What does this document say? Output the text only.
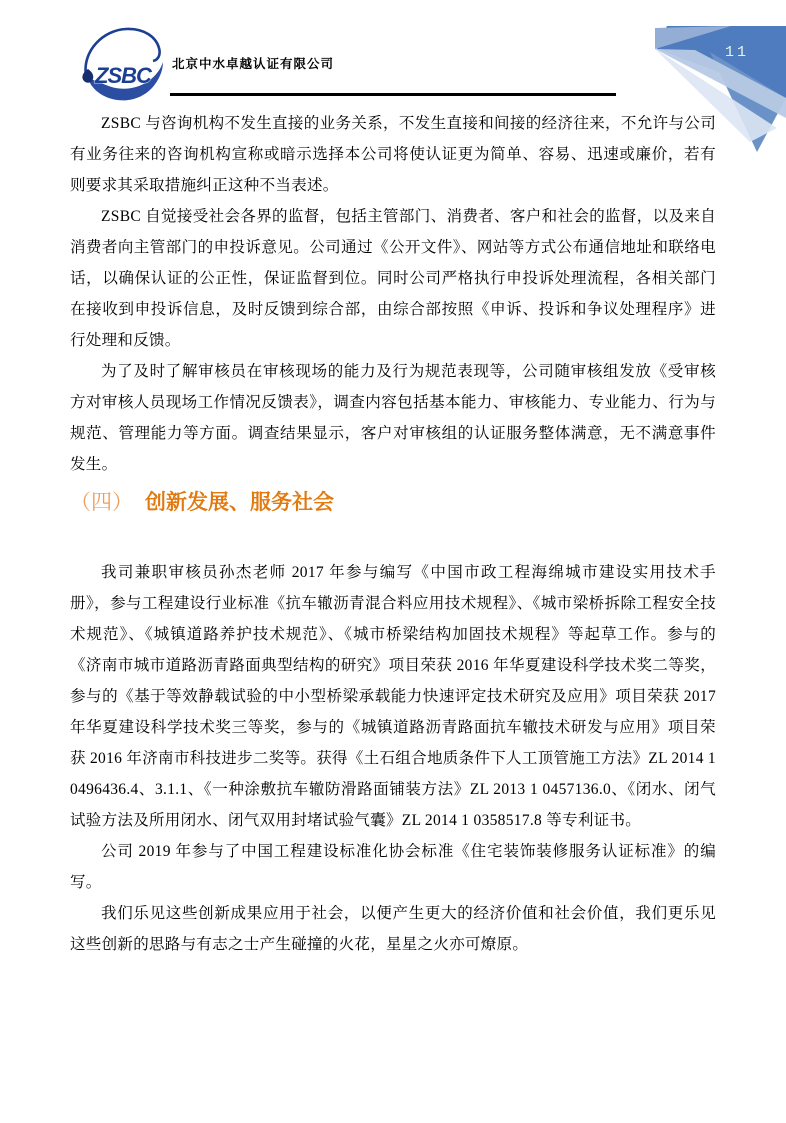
11
ZSBC 北京中水卓越认证有限公司

ZSBC 与咨询机构不发生直接的业务关系，不发生直接和间接的经济往来，不允许与公司有业务往来的咨询机构宣称或暗示选择本公司将使认证更为简单、容易、迅速或廉价，若有则要求其采取措施纠正这种不当表述。

ZSBC 自觉接受社会各界的监督，包括主管部门、消费者、客户和社会的监督，以及来自消费者向主管部门的申投诉意见。公司通过《公开文件》、网站等方式公布通信地址和联络电话，以确保认证的公正性，保证监督到位。同时公司严格执行申投诉处理流程，各相关部门在接收到申投诉信息，及时反馈到综合部，由综合部按照《申诉、投诉和争议处理程序》进行处理和反馈。

为了及时了解审核员在审核现场的能力及行为规范表现等，公司随审核组发放《受审核方对审核人员现场工作情况反馈表》，调查内容包括基本能力、审核能力、专业能力、行为与规范、管理能力等方面。调查结果显示，客户对审核组的认证服务整体满意，无不满意事件发生。

（四） 创新发展、服务社会

我司兼职审核员孙杰老师 2017 年参与编写《中国市政工程海绵城市建设实用技术手册》，参与工程建设行业标准《抗车辙沥青混合料应用技术规程》、《城市梁桥拆除工程安全技术规范》、《城镇道路养护技术规范》、《城市桥梁结构加固技术规程》等起草工作。参与的《济南市城市道路沥青路面典型结构的研究》项目荣获 2016 年华夏建设科学技术奖二等奖，参与的《基于等效静载试验的中小型桥梁承载能力快速评定技术研究及应用》项目荣获 2017 年华夏建设科学技术奖三等奖，参与的《城镇道路沥青路面抗车辙技术研发与应用》项目荣获 2016 年济南市科技进步二奖等。获得《土石组合地质条件下人工顶管施工方法》ZL 2014 1 0496436.4、3.1.1、《一种涂敷抗车辙防滑路面铺装方法》ZL 2013 1 0457136.0、《闭水、闭气试验方法及所用闭水、闭气双用封堵试验气囊》ZL 2014 1 0358517.8 等专利证书。

公司 2019 年参与了中国工程建设标准化协会标准《住宅装饰装修服务认证标准》的编写。

我们乐见这些创新成果应用于社会，以便产生更大的经济价值和社会价值，我们更乐见这些创新的思路与有志之士产生碰撞的火花，星星之火亦可燎原。
